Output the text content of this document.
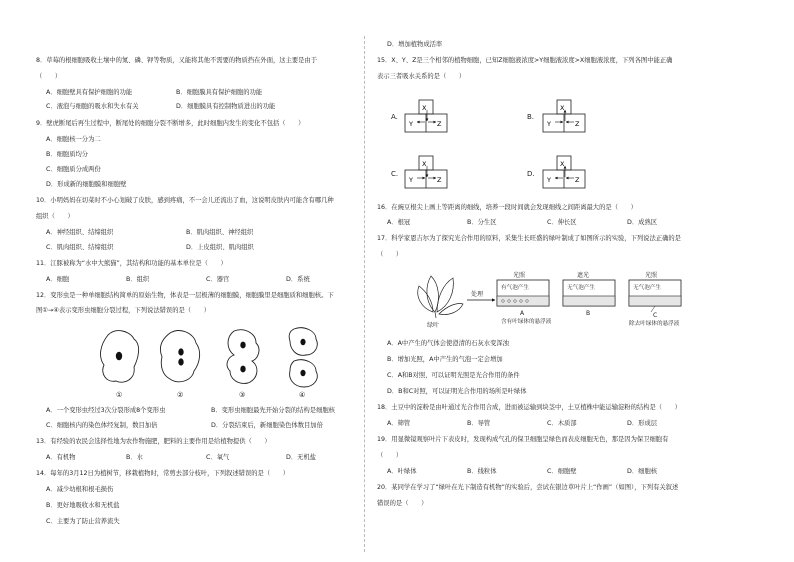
8．草莓的根细胞吸收土壤中的氮、磷、钾等物质，又能将其他不需要的物质挡在外面，这主要是由于
（　　）
A．细胞壁具有保护细胞的功能	B．细胞膜具有保护细胞的功能
C．液泡与细胞的吸水和失水有关	D．细胞膜具有控制物质进出的功能
9．壁虎断尾后再生过程中，断尾处的细胞分裂不断增多，此时细胞内发生的变化不包括（　　）
A．细胞核一分为二
B．细胞质均分
C．细胞质分成两份
D．形成新的细胞膜和细胞壁
10．小明妈妈在切菜时不小心划破了皮肤，感到疼痛，不一会儿还流出了血，这说明皮肤内可能含有哪几种
组织（　　）
A．神经组织、结缔组织	B．肌肉组织、神经组织
C．肌肉组织、结缔组织	D．上皮组织、肌肉组织
11．江豚被称为“水中大熊猫”，其结构和功能的基本单位是（　　）
A．细胞	B．组织	C．器官	D．系统
12．变形虫是一种单细胞结构简单的原始生物，体表是一层极薄的细胞膜，细胞膜里是细胞质和细胞核。下
图①→④表示变形虫细胞分裂过程，下列说法错误的是（　　）
①	②	③	④
A．一个变形虫经过3次分裂形成8个变形虫	B．变形虫细胞最先开始分裂的结构是细胞核
C．细胞核内的染色体经复制，数目加倍	D．分裂结束后，新细胞染色体数目加倍
13．有经验的农民会选择性地为农作物施肥，肥料的主要作用是给植物提供（　　）
A．有机物	B．水	C．氧气	D．无机盐
14．每年的3月12日为植树节，移栽植物时，常剪去部分枝叶，下列叙述错误的是（　　）
A．减少幼根和根毛损伤
B．更好地吸收水和无机盐
C．主要为了防止营养流失
D．增加植物成活率
15．X、Y、Z是三个相邻的植物细胞，已知Z细胞液浓度>Y细胞液浓度>X细胞液浓度，下列各图中能正确
表示三者吸水关系的是（　　）
A.
X
Y	Z
B.
X
Y	Z
C.
X
Y	Z
D.
X
Y	Z
16．在豌豆根尖上画上等距离的细线，培养一段时间就会发现细线之间距离最大的是（　　）
A．根冠	B．分生区	C．伸长区	D．成熟区
17．科学家恩吉尔为了探究光合作用的原料，采集生长旺盛的绿叶制成了如图所示的实验，下列说法正确的是
（　　）
绿叶
处理
光照
有气泡产生
A
含有叶绿体的悬浮液
遮光
无气泡产生
B
光照
无气泡产生
C
除去叶绿体的悬浮液
A．A中产生的气体会使澄清的石灰水变浑浊
B．增加光照，A中产生的气泡一定会增加
C．A和B对照，可以证明光照是光合作用的条件
D．B和C对照，可以证明光合作用的场所是叶绿体
18．土豆中的淀粉是由叶通过光合作用合成，进而被运输到块茎中，土豆植株中能运输淀粉的结构是（　　）
A．筛管	B．导管	C．木质部	D．形成层
19．用显微镜观察叶片下表皮时，发现构成气孔的保卫细胞呈绿色而表皮细胞无色，那是因为保卫细胞有
（　　）
A．叶绿体	B．线粒体	C．细胞壁	D．细胞核
20．某同学在学习了“绿叶在光下制造有机物”的实验后，尝试在银边草叶片上“作画”（如图），下列有关叙述
错误的是（　　）
